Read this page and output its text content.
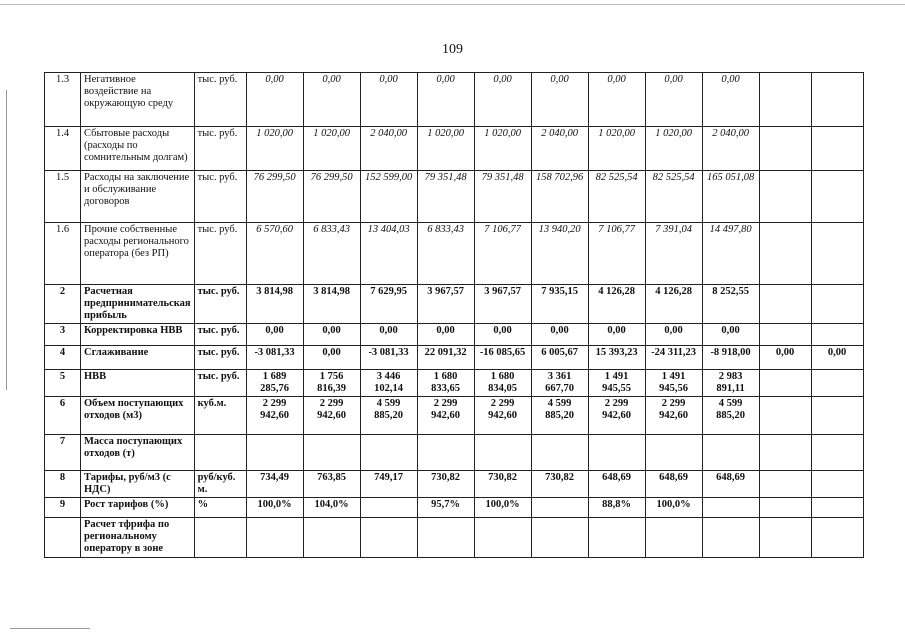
109
1.3	Негативное воздействие на окружающую среду	тыс. руб.	0,00	0,00	0,00	0,00	0,00	0,00	0,00	0,00	0,00		
1.4	Сбытовые расходы (расходы по сомнительным долгам)	тыс. руб.	1 020,00	1 020,00	2 040,00	1 020,00	1 020,00	2 040,00	1 020,00	1 020,00	2 040,00		
1.5	Расходы на заключение и обслуживание договоров	тыс. руб.	76 299,50	76 299,50	152 599,00	79 351,48	79 351,48	158 702,96	82 525,54	82 525,54	165 051,08		
1.6	Прочие собственные расходы регионального оператора (без РП)	тыс. руб.	6 570,60	6 833,43	13 404,03	6 833,43	7 106,77	13 940,20	7 106,77	7 391,04	14 497,80		
2	Расчетная предпринимательская прибыль	тыс. руб.	3 814,98	3 814,98	7 629,95	3 967,57	3 967,57	7 935,15	4 126,28	4 126,28	8 252,55		
3	Корректировка НВВ	тыс. руб.	0,00	0,00	0,00	0,00	0,00	0,00	0,00	0,00	0,00		
4	Сглаживание	тыс. руб.	-3 081,33	0,00	-3 081,33	22 091,32	-16 085,65	6 005,67	15 393,23	-24 311,23	-8 918,00	0,00	0,00
5	НВВ	тыс. руб.	1 689 285,76	1 756 816,39	3 446 102,14	1 680 833,65	1 680 834,05	3 361 667,70	1 491 945,55	1 491 945,56	2 983 891,11		
6	Объем поступающих отходов (м3)	куб.м.	2 299 942,60	2 299 942,60	4 599 885,20	2 299 942,60	2 299 942,60	4 599 885,20	2 299 942,60	2 299 942,60	4 599 885,20		
7	Масса поступающих отходов (т)												
8	Тарифы, руб/м3 (с НДС)	руб/куб. м.	734,49	763,85	749,17	730,82	730,82	730,82	648,69	648,69	648,69		
9	Рост тарифов (%)	%	100,0%	104,0%		95,7%	100,0%		88,8%	100,0%			
	Расчет тфрифа по региональному оператору в зоне												
